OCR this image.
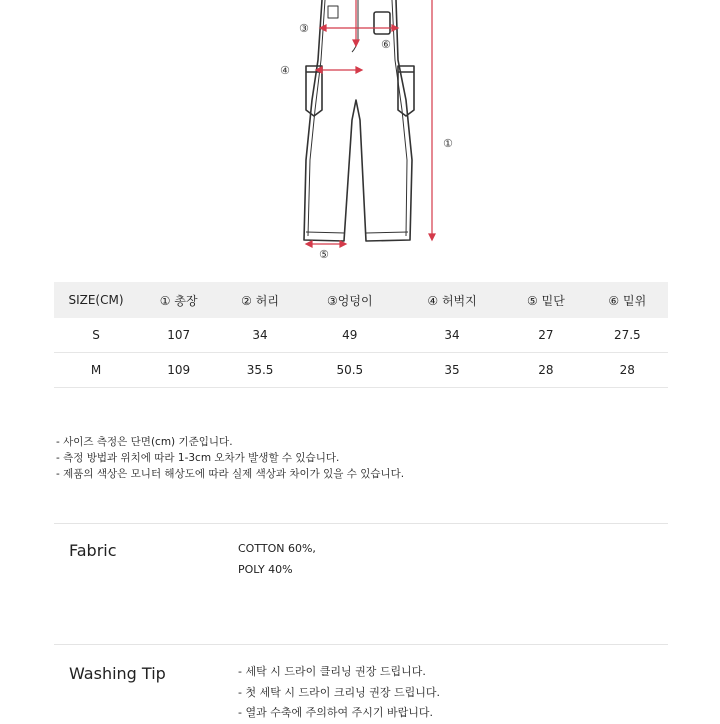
①
③
④
⑤
⑥
SIZE(CM)	① 총장	② 허리	③엉덩이	④ 허벅지	⑤ 밑단	⑥ 밑위
S	107	34	49	34	27	27.5
M	109	35.5	50.5	35	28	28
- 사이즈 측정은 단면(cm) 기준입니다.
- 측정 방법과 위치에 따라 1-3cm 오차가 발생할 수 있습니다.
- 제품의 색상은 모니터 해상도에 따라 실제 색상과 차이가 있을 수 있습니다.
Fabric	COTTON 60%,
POLY 40%
Washing Tip	- 세탁 시 드라이 클리닝 권장 드립니다.
- 첫 세탁 시 드라이 크리닝 권장 드립니다.
- 열과 수축에 주의하여 주시기 바랍니다.
